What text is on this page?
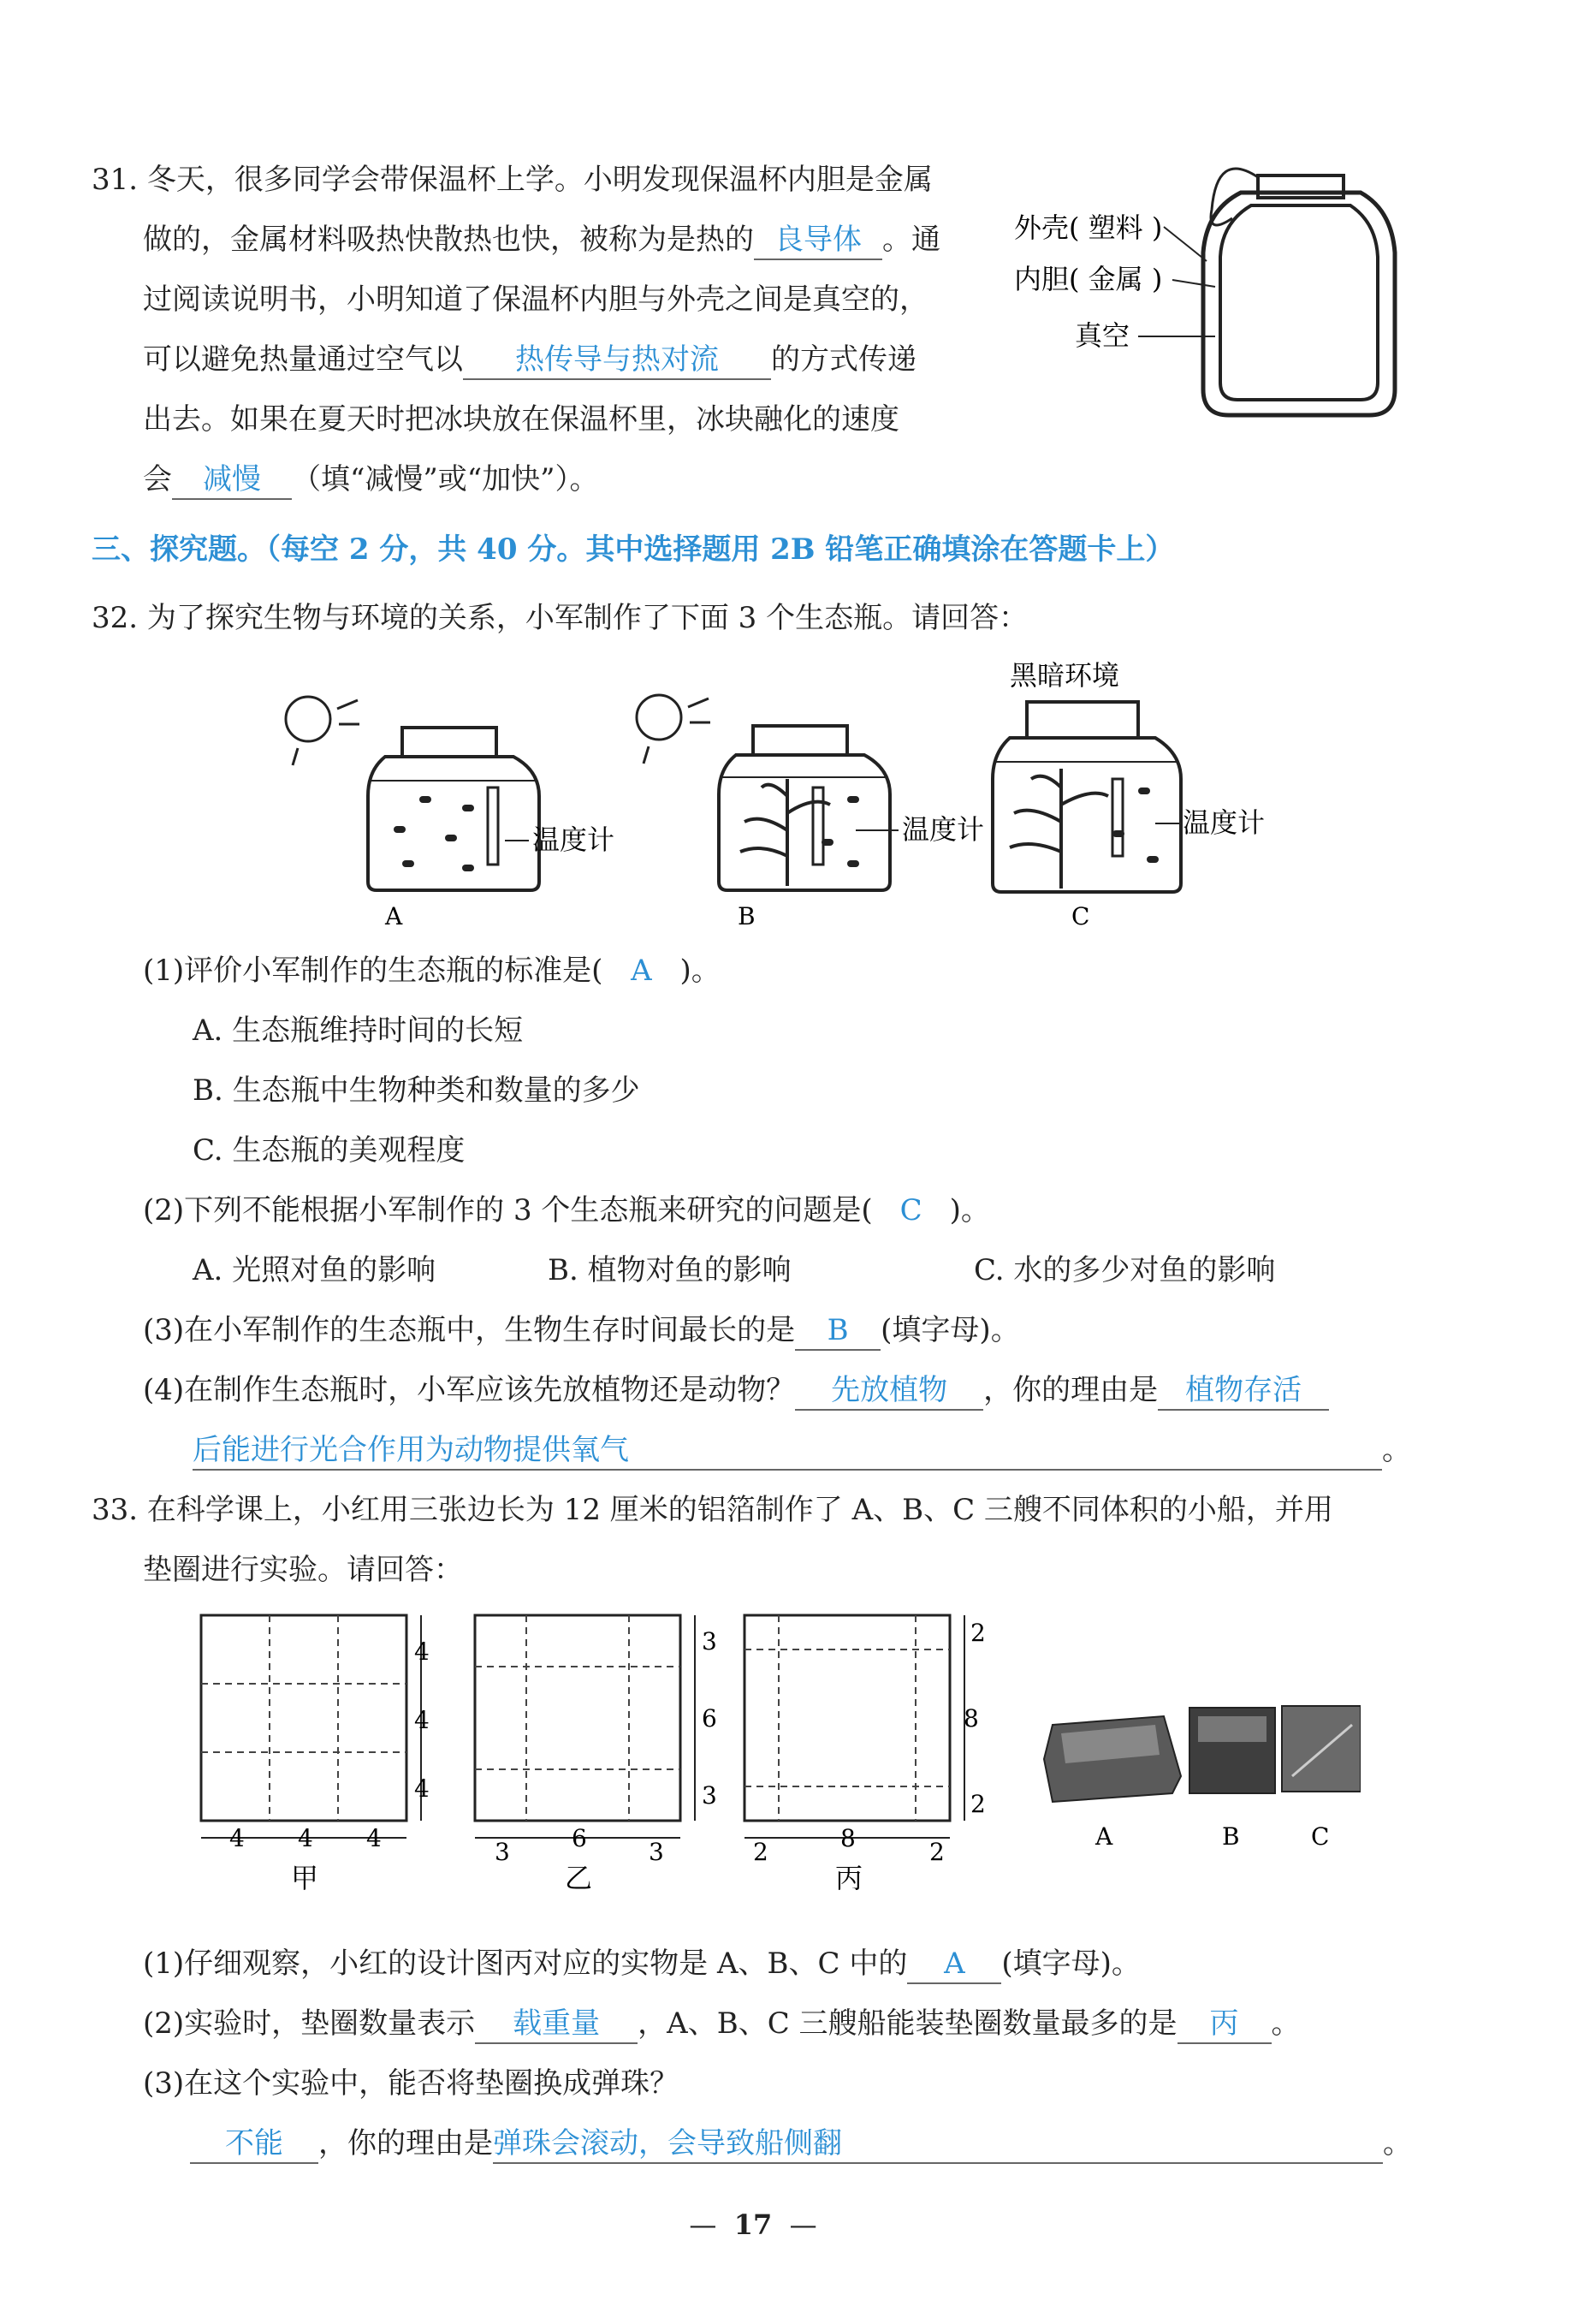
31. 冬天，很多同学会带保温杯上学。小明发现保温杯内胆是金属
做的，金属材料吸热快散热也快，被称为是热的 良导体 。通
过阅读说明书，小明知道了保温杯内胆与外壳之间是真空的，
可以避免热量通过空气以 热传导与热对流 的方式传递
出去。如果在夏天时把冰块放在保温杯里，冰块融化的速度
会 减慢 （填“减慢”或“加快”）。
外壳( 塑料 )
内胆( 金属 )
真空
三、探究题。（每空 2 分，共 40 分。其中选择题用 2B 铅笔正确填涂在答题卡上）
32. 为了探究生物与环境的关系，小军制作了下面 3 个生态瓶。请回答：
温度计
A
温度计
B
黑暗环境
温度计
C
(1)评价小军制作的生态瓶的标准是( A )。
A. 生态瓶维持时间的长短
B. 生态瓶中生物种类和数量的多少
C. 生态瓶的美观程度
(2)下列不能根据小军制作的 3 个生态瓶来研究的问题是( C )。
A. 光照对鱼的影响	B. 植物对鱼的影响	C. 水的多少对鱼的影响
(3)在小军制作的生态瓶中，生物生存时间最长的是 B (填字母)。
(4)在制作生态瓶时，小军应该先放植物还是动物？ 先放植物 ，你的理由是 植物存活
后能进行光合作用为动物提供氧气	。
33. 在科学课上，小红用三张边长为 12 厘米的铝箔制作了 A、B、C 三艘不同体积的小船，并用
垫圈进行实验。请回答：
4
4
4
4 4 4
甲
3
6
3
3	6	3
乙
2
8
2
2	8	2
丙
A	B	C
(1)仔细观察，小红的设计图丙对应的实物是 A、B、C 中的 A (填字母)。
(2)实验时，垫圈数量表示 载重量 ，A、B、C 三艘船能装垫圈数量最多的是 丙 。
(3)在这个实验中，能否将垫圈换成弹珠？
不能 ，你的理由是弹珠会滚动，会导致船侧翻	。
—  17  —
